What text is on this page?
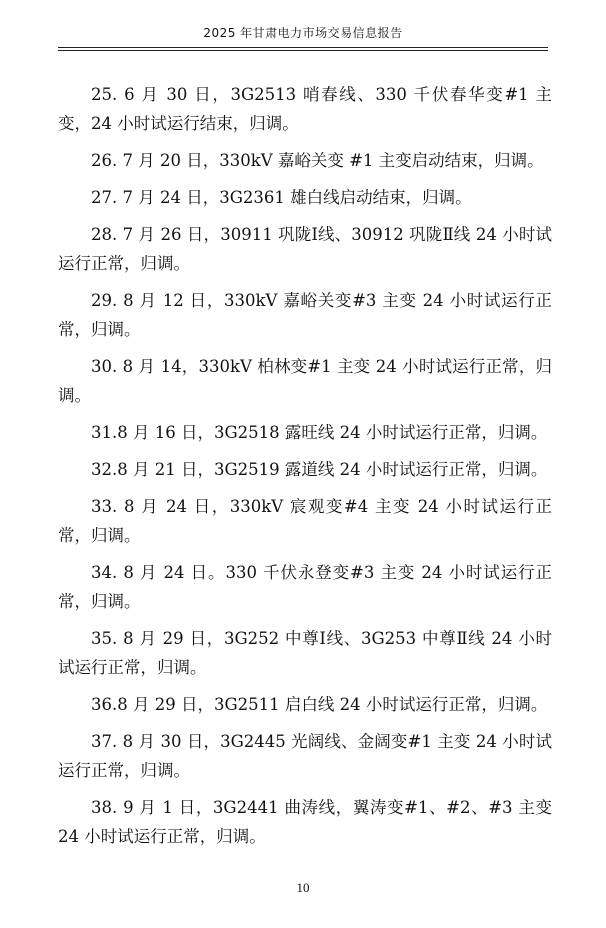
2025 年甘肃电力市场交易信息报告

25. 6 月 30 日，3G2513 哨春线、330 千伏春华变#1 主变，24 小时试运行结束，归调。

26. 7 月 20 日，330kV 嘉峪关变 #1 主变启动结束，归调。

27. 7 月 24 日，3G2361 雄白线启动结束，归调。

28. 7 月 26 日，30911 巩陇Ⅰ线、30912 巩陇Ⅱ线 24 小时试运行正常，归调。

29. 8 月 12 日，330kV 嘉峪关变#3 主变 24 小时试运行正常，归调。

30. 8 月 14，330kV 柏林变#1 主变 24 小时试运行正常，归调。

31.8 月 16 日，3G2518 露旺线 24 小时试运行正常，归调。

32.8 月 21 日，3G2519 露道线 24 小时试运行正常，归调。

33. 8 月 24 日，330kV 宸观变#4 主变 24 小时试运行正常，归调。

34. 8 月 24 日。330 千伏永登变#3 主变 24 小时试运行正常，归调。

35. 8 月 29 日，3G252 中尊Ⅰ线、3G253 中尊Ⅱ线 24 小时试运行正常，归调。

36.8 月 29 日，3G2511 启白线 24 小时试运行正常，归调。

37. 8 月 30 日，3G2445 光阔线、金阔变#1 主变 24 小时试运行正常，归调。

38. 9 月 1 日，3G2441 曲涛线，翼涛变#1、#2、#3 主变 24 小时试运行正常，归调。

10
